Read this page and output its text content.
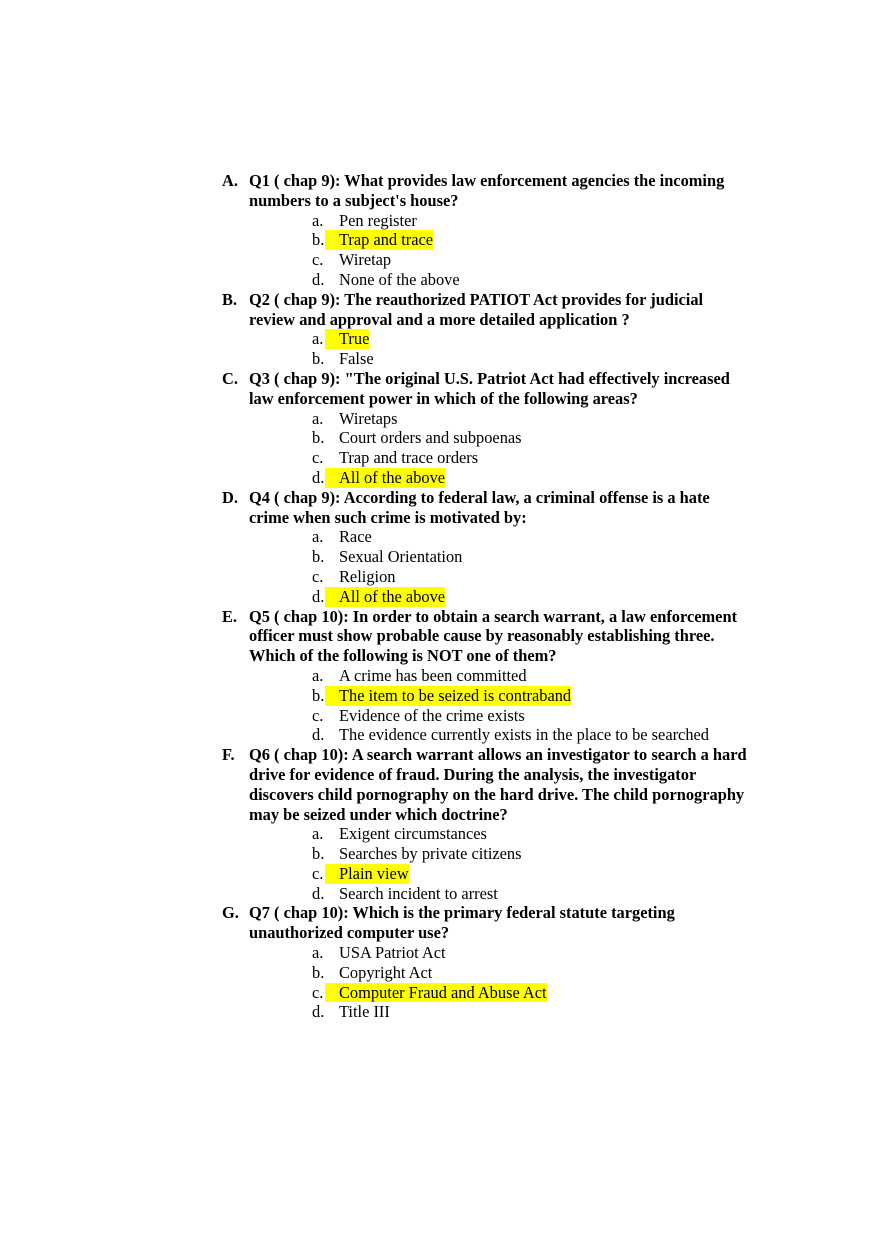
A. Q1 ( chap 9): What provides law enforcement agencies the incoming
numbers to a subject's house?
a. Pen register
b. Trap and trace
c. Wiretap
d. None of the above
B. Q2 ( chap 9): The reauthorized PATIOT Act provides for judicial
review and approval and a more detailed application ?
a. True
b. False
C. Q3 ( chap 9): "The original U.S. Patriot Act had effectively increased
law enforcement power in which of the following areas?
a. Wiretaps
b. Court orders and subpoenas
c. Trap and trace orders
d. All of the above
D. Q4 ( chap 9): According to federal law, a criminal offense is a hate
crime when such crime is motivated by:
a. Race
b. Sexual Orientation
c. Religion
d. All of the above
E. Q5 ( chap 10): In order to obtain a search warrant, a law enforcement
officer must show probable cause by reasonably establishing three.
Which of the following is NOT one of them?
a. A crime has been committed
b. The item to be seized is contraband
c. Evidence of the crime exists
d. The evidence currently exists in the place to be searched
F. Q6 ( chap 10): A search warrant allows an investigator to search a hard
drive for evidence of fraud. During the analysis, the investigator
discovers child pornography on the hard drive. The child pornography
may be seized under which doctrine?
a. Exigent circumstances
b. Searches by private citizens
c. Plain view
d. Search incident to arrest
G. Q7 ( chap 10): Which is the primary federal statute targeting
unauthorized computer use?
a. USA Patriot Act
b. Copyright Act
c. Computer Fraud and Abuse Act
d. Title III
